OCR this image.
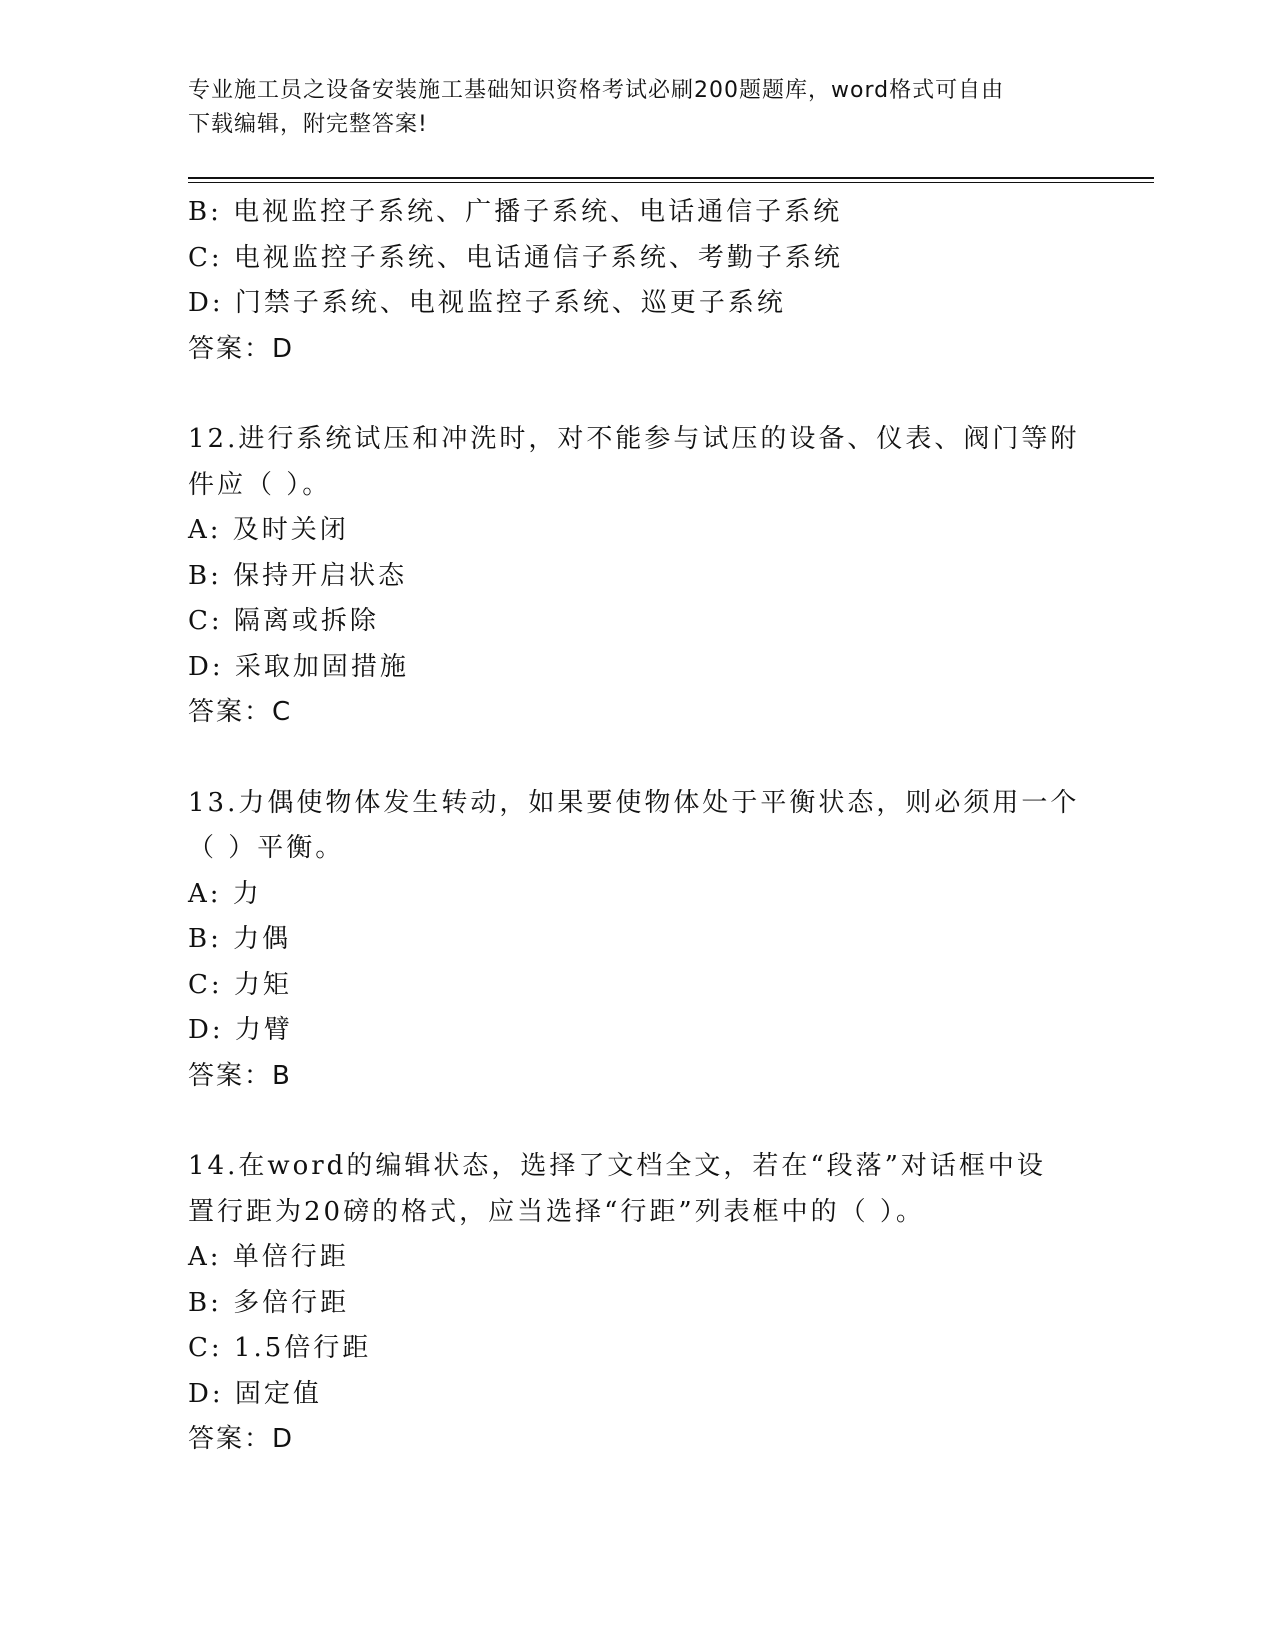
专业施工员之设备安装施工基础知识资格考试必刷200题题库，word格式可自由
下载编辑，附完整答案!
B: 电视监控子系统、广播子系统、电话通信子系统
C: 电视监控子系统、电话通信子系统、考勤子系统
D: 门禁子系统、电视监控子系统、巡更子系统
答案：D
12.进行系统试压和冲洗时，对不能参与试压的设备、仪表、阀门等附
件应（ ）。
A: 及时关闭
B: 保持开启状态
C: 隔离或拆除
D: 采取加固措施
答案：C
13.力偶使物体发生转动，如果要使物体处于平衡状态，则必须用一个
（ ）平衡。
A: 力
B: 力偶
C: 力矩
D: 力臂
答案：B
14.在word的编辑状态，选择了文档全文，若在“段落”对话框中设
置行距为20磅的格式，应当选择“行距”列表框中的（ ）。
A: 单倍行距
B: 多倍行距
C: 1.5倍行距
D: 固定值
答案：D
